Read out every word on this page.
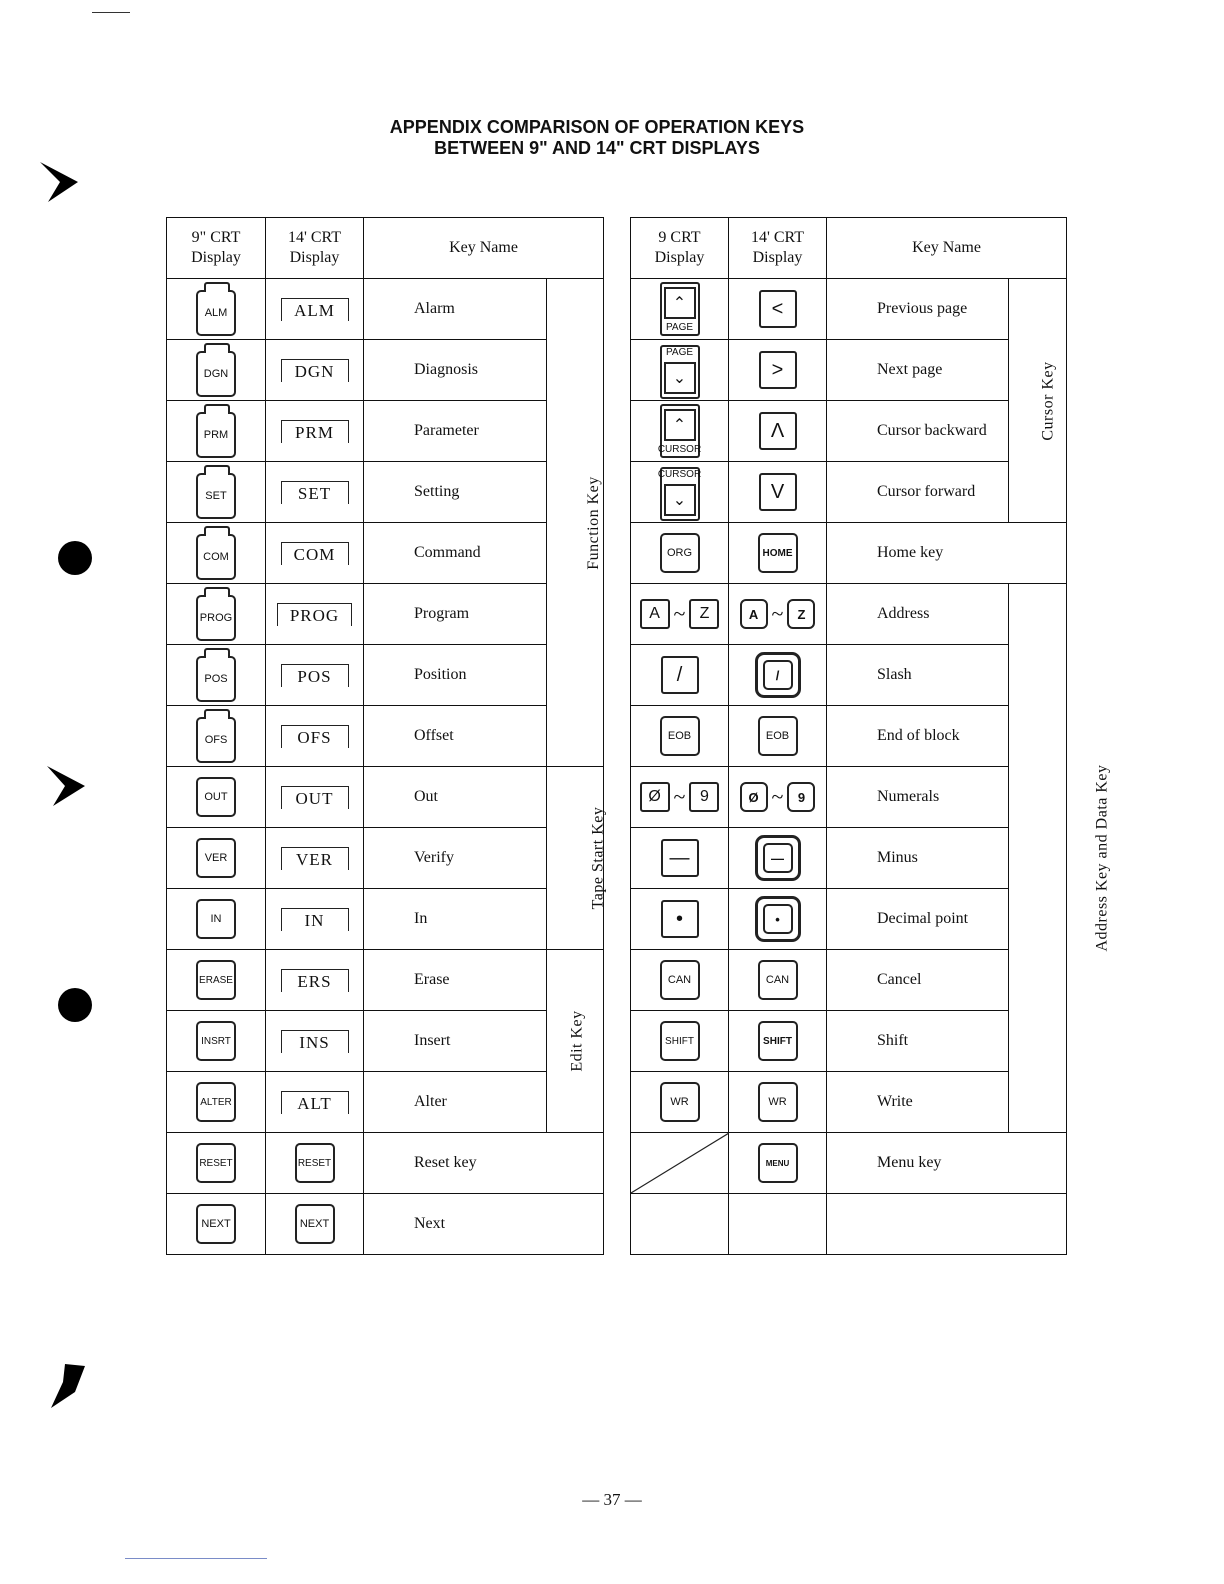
APPENDIX COMPARISON OF OPERATION KEYS
BETWEEN 9" AND 14" CRT DISPLAYS
9" CRT
Display	14' CRT
Display	Key Name	

ALM	ALM	Alarm	Function Key

DGN	DGN	Diagnosis	

PRM	PRM	Parameter	

SET	SET	Setting	

COM	COM	Command	

PROG	PROG	Program	

POS	POS	Position	

OFS	OFS	Offset	
OUT	OUT	Out	Tape Start Key
VER	VER	Verify	
IN	IN	In	
ERASE	ERS	Erase	Edit Key
INSRT	INS	Insert	
ALTER	ALT	Alter	
RESET	RESET	Reset key	
NEXT	NEXT	Next	
9 CRT
Display	14' CRT
Display	Key Name	

⌃
PAGE	<	Previous page	Cursor Key

PAGE
⌄	>	Next page	

⌃
CURSOR	Λ	Cursor backward	

CURSOR
⌄	V	Cursor forward	
ORG	HOME	Home key	

A ~ Z	A ~ Z	Address	Address Key and Data Key
/	/	Slash	
EOB	EOB	End of block	

Ø ~ 9	Ø ~ 9	Numerals	
—	—	Minus	
•	•	Decimal point	
CAN	CAN	Cancel	
SHIFT	SHIFT	Shift	
WR	WR	Write	

	MENU	Menu key	

— 37 —
